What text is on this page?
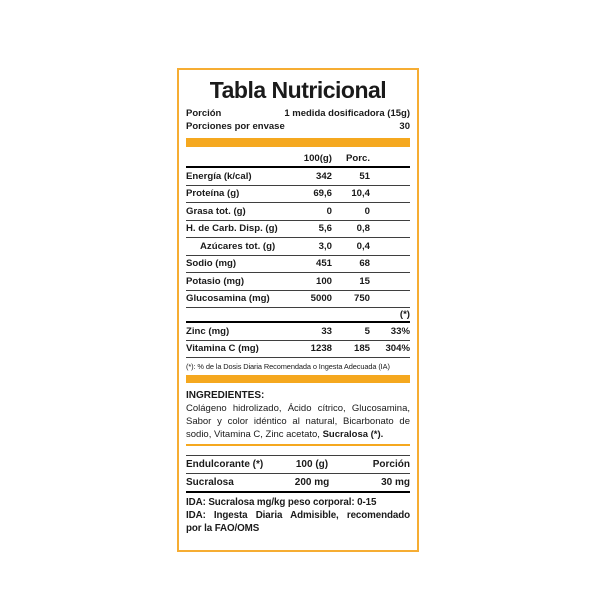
Tabla Nutricional
Porción	1 medida dosificadora (15g)
Porciones por envase	30
100(g)	Porc.
Energía (k/cal)	342	51
Proteína (g)	69,6	10,4
Grasa tot. (g)	0	0
H. de Carb. Disp. (g)	5,6	0,8
Azúcares tot. (g)	3,0	0,4
Sodio (mg)	451	68
Potasio (mg)	100	15
Glucosamina (mg)	5000	750
(*)
Zinc (mg)	33	5	33%
Vitamina C (mg)	1238	185	304%
(*): % de la Dosis Diaria Recomendada o Ingesta Adecuada (IA)
INGREDIENTES:
Colágeno hidrolizado, Ácido cítrico, Glucosamina, Sabor y color idéntico al natural, Bicarbonato de sodio, Vitamina C, Zinc acetato, Sucralosa (*).
Endulcorante (*)	100 (g)	Porción
Sucralosa	200 mg	30 mg
IDA: Sucralosa mg/kg peso corporal: 0-15
IDA: Ingesta Diaria Admisible, recomendado
por la FAO/OMS
